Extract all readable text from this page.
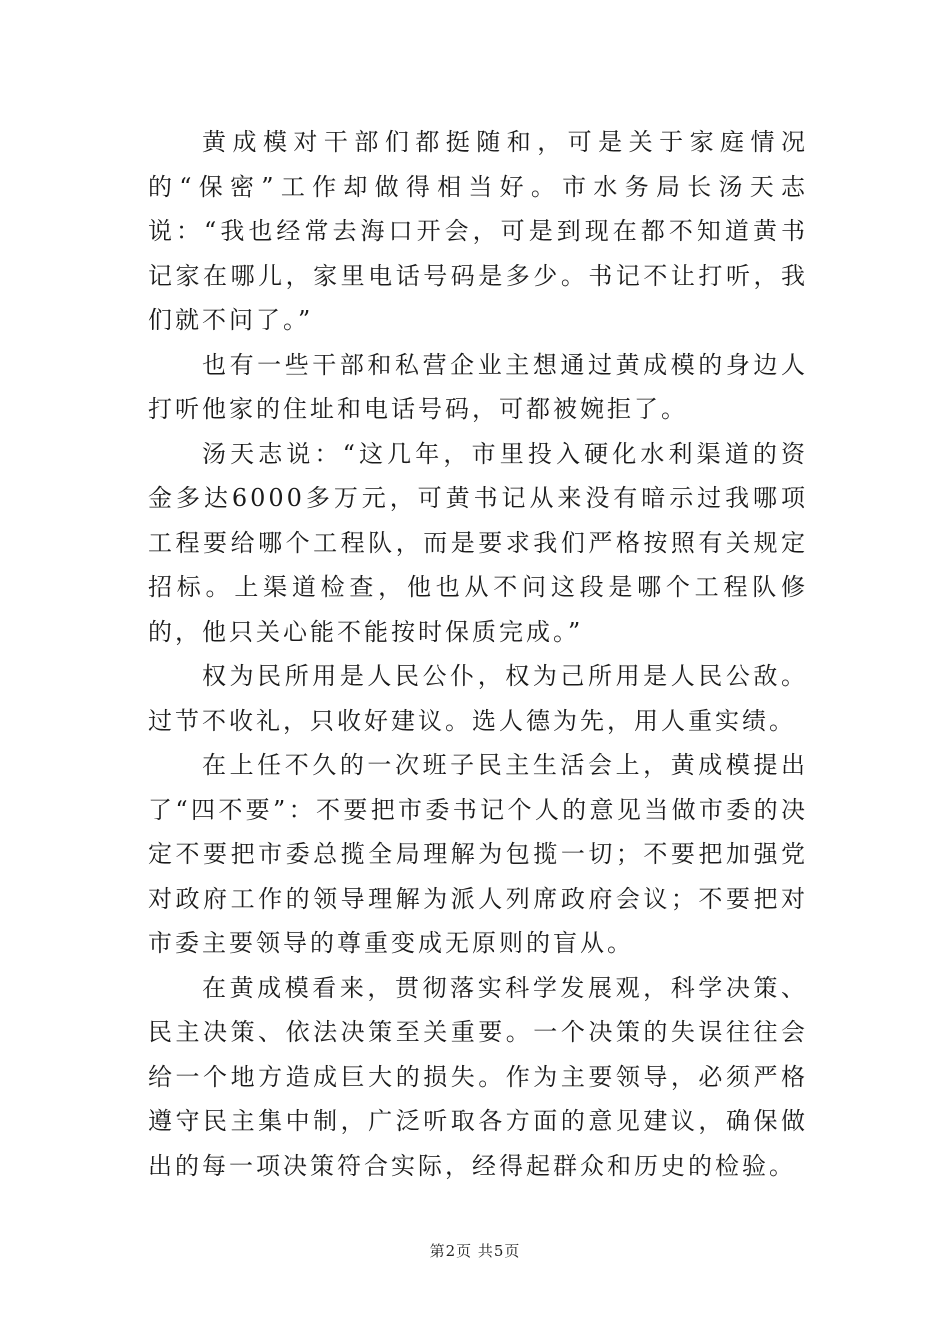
黄成模对干部们都挺随和，可是关于家庭情况的“保密”工作却做得相当好。市水务局长汤天志说：“我也经常去海口开会，可是到现在都不知道黄书记家在哪儿，家里电话号码是多少。书记不让打听，我们就不问了。”

也有一些干部和私营企业主想通过黄成模的身边人打听他家的住址和电话号码，可都被婉拒了。

汤天志说：“这几年，市里投入硬化水利渠道的资金多达6000多万元，可黄书记从来没有暗示过我哪项工程要给哪个工程队，而是要求我们严格按照有关规定招标。上渠道检查，他也从不问这段是哪个工程队修的，他只关心能不能按时保质完成。”

权为民所用是人民公仆，权为己所用是人民公敌。过节不收礼，只收好建议。选人德为先，用人重实绩。

在上任不久的一次班子民主生活会上，黄成模提出了“四不要”：不要把市委书记个人的意见当做市委的决定不要把市委总揽全局理解为包揽一切；不要把加强党对政府工作的领导理解为派人列席政府会议；不要把对市委主要领导的尊重变成无原则的盲从。

在黄成模看来，贯彻落实科学发展观，科学决策、民主决策、依法决策至关重要。一个决策的失误往往会给一个地方造成巨大的损失。作为主要领导，必须严格遵守民主集中制，广泛听取各方面的意见建议，确保做出的每一项决策符合实际，经得起群众和历史的检验。

第2页 共5页
